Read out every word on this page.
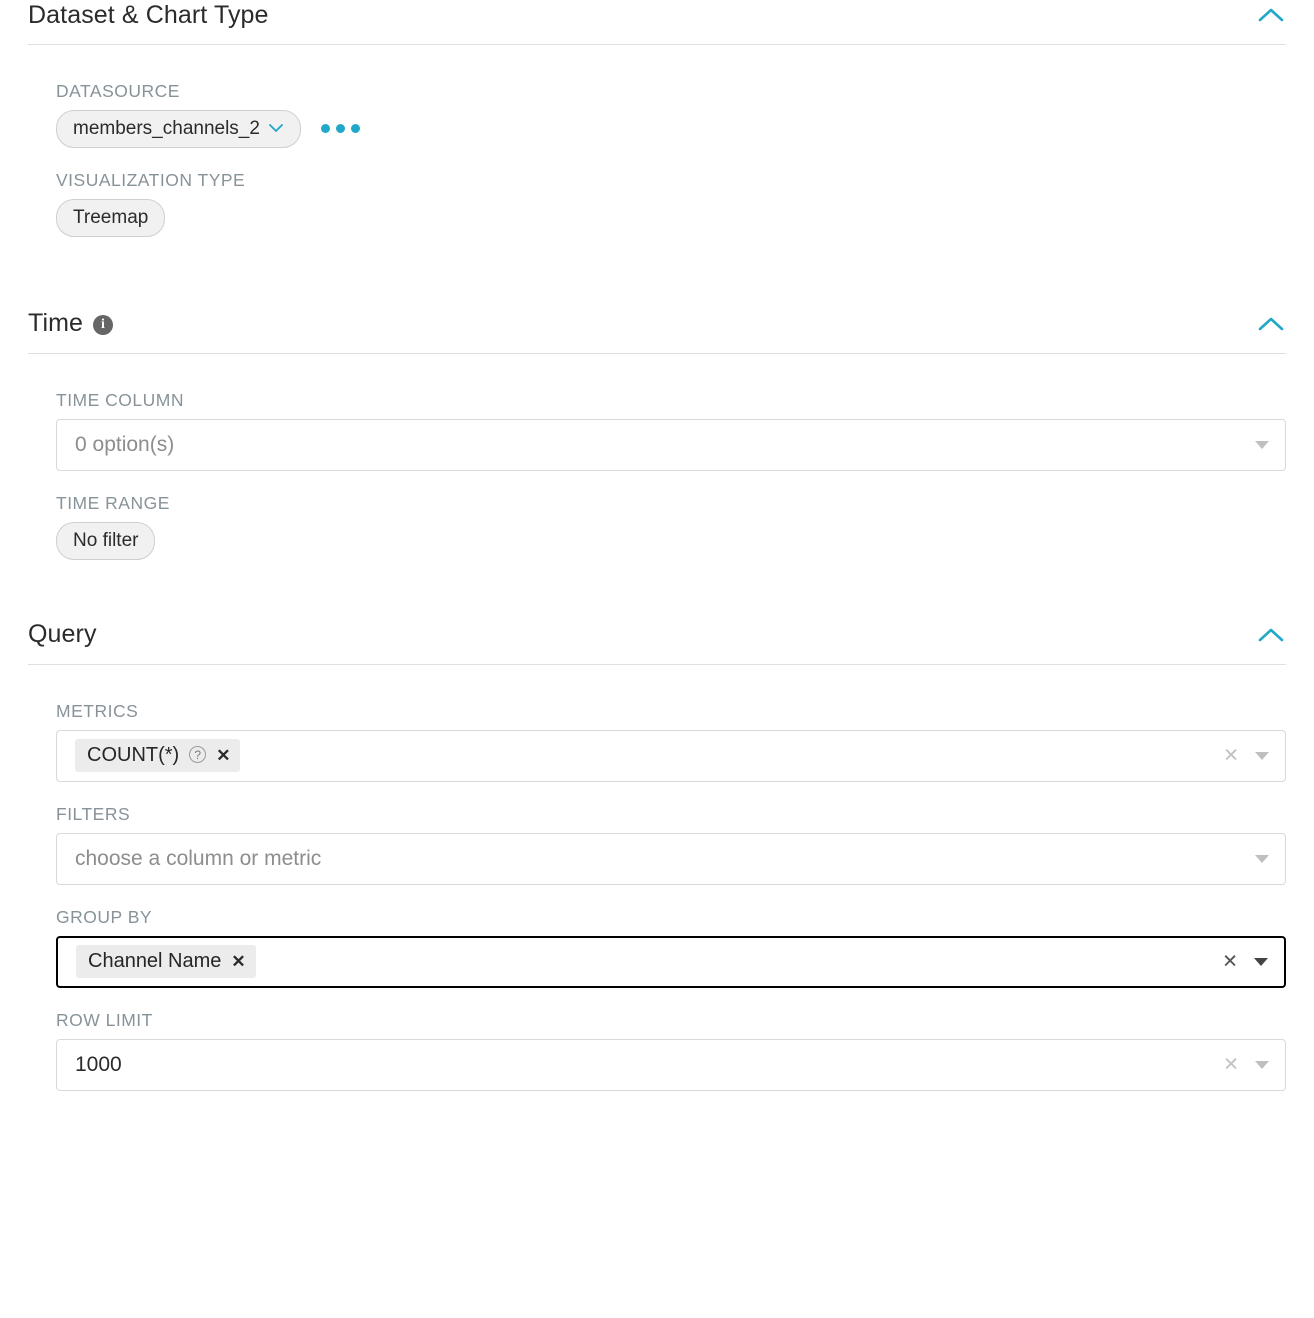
Dataset & Chart Type
DATASOURCE
members_channels_2
VISUALIZATION TYPE
Treemap
Time	i
TIME COLUMN
0 option(s)
TIME RANGE
No filter
Query
METRICS
COUNT(*)	? ✕	✕
FILTERS
choose a column or metric
GROUP BY
Channel Name ✕	✕
ROW LIMIT
1000	✕
